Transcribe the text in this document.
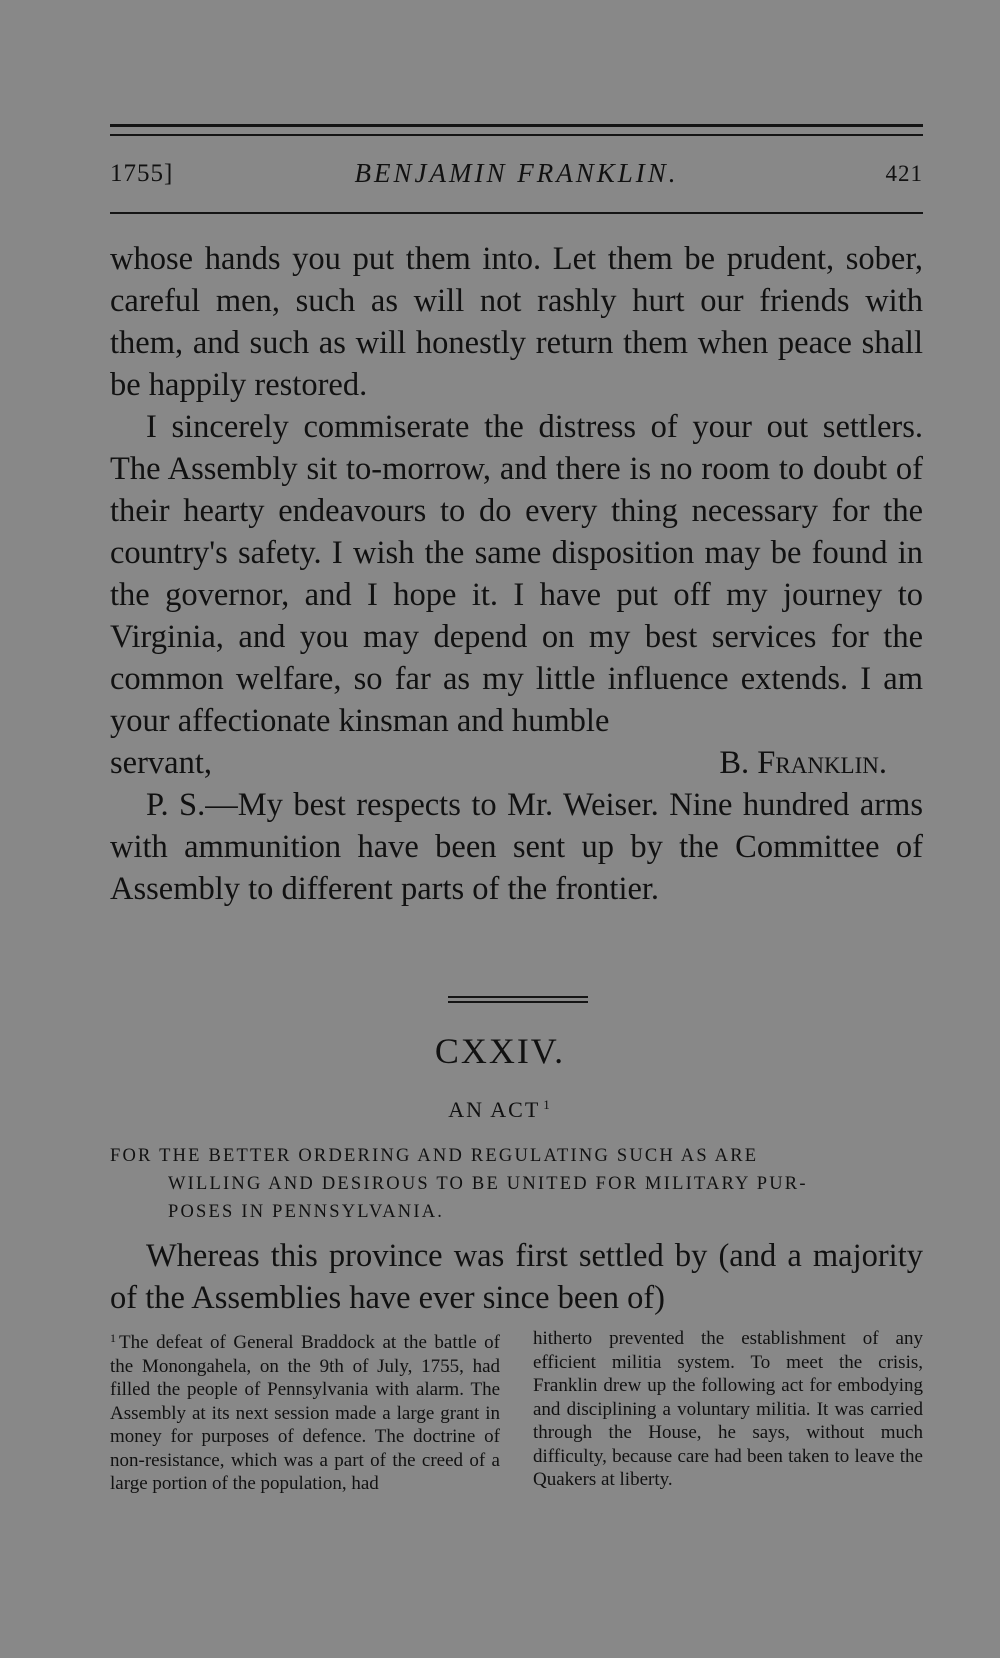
1755]	BENJAMIN FRANKLIN.	421

whose hands you put them into. Let them be prudent, sober, careful men, such as will not rashly hurt our friends with them, and such as will honestly return them when peace shall be happily restored.

I sincerely commiserate the distress of your out settlers. The Assembly sit to-morrow, and there is no room to doubt of their hearty endeavours to do every thing necessary for the country's safety. I wish the same disposition may be found in the governor, and I hope it. I have put off my journey to Virginia, and you may depend on my best services for the common welfare, so far as my little influence extends. I am your affectionate kinsman and humble

servant,	B. Franklin.

P. S.—My best respects to Mr. Weiser. Nine hundred arms with ammunition have been sent up by the Committee of Assembly to different parts of the frontier.

CXXIV.
AN ACT $^1$
FOR THE BETTER ORDERING AND REGULATING SUCH AS ARE
WILLING AND DESIROUS TO BE UNITED FOR MILITARY PUR-
POSES IN PENNSYLVANIA.

Whereas this province was first settled by (and a majority of the Assemblies have ever since been of)

$^1$ The defeat of General Braddock at the battle of the Monongahela, on the 9th of July, 1755, had filled the people of Pennsylvania with alarm. The Assembly at its next session made a large grant in money for purposes of defence. The doctrine of non-resistance, which was a part of the creed of a large portion of the population, had

hitherto prevented the establishment of any efficient militia system. To meet the crisis, Franklin drew up the following act for embodying and disciplining a voluntary militia. It was carried through the House, he says, without much difficulty, because care had been taken to leave the Quakers at liberty.
